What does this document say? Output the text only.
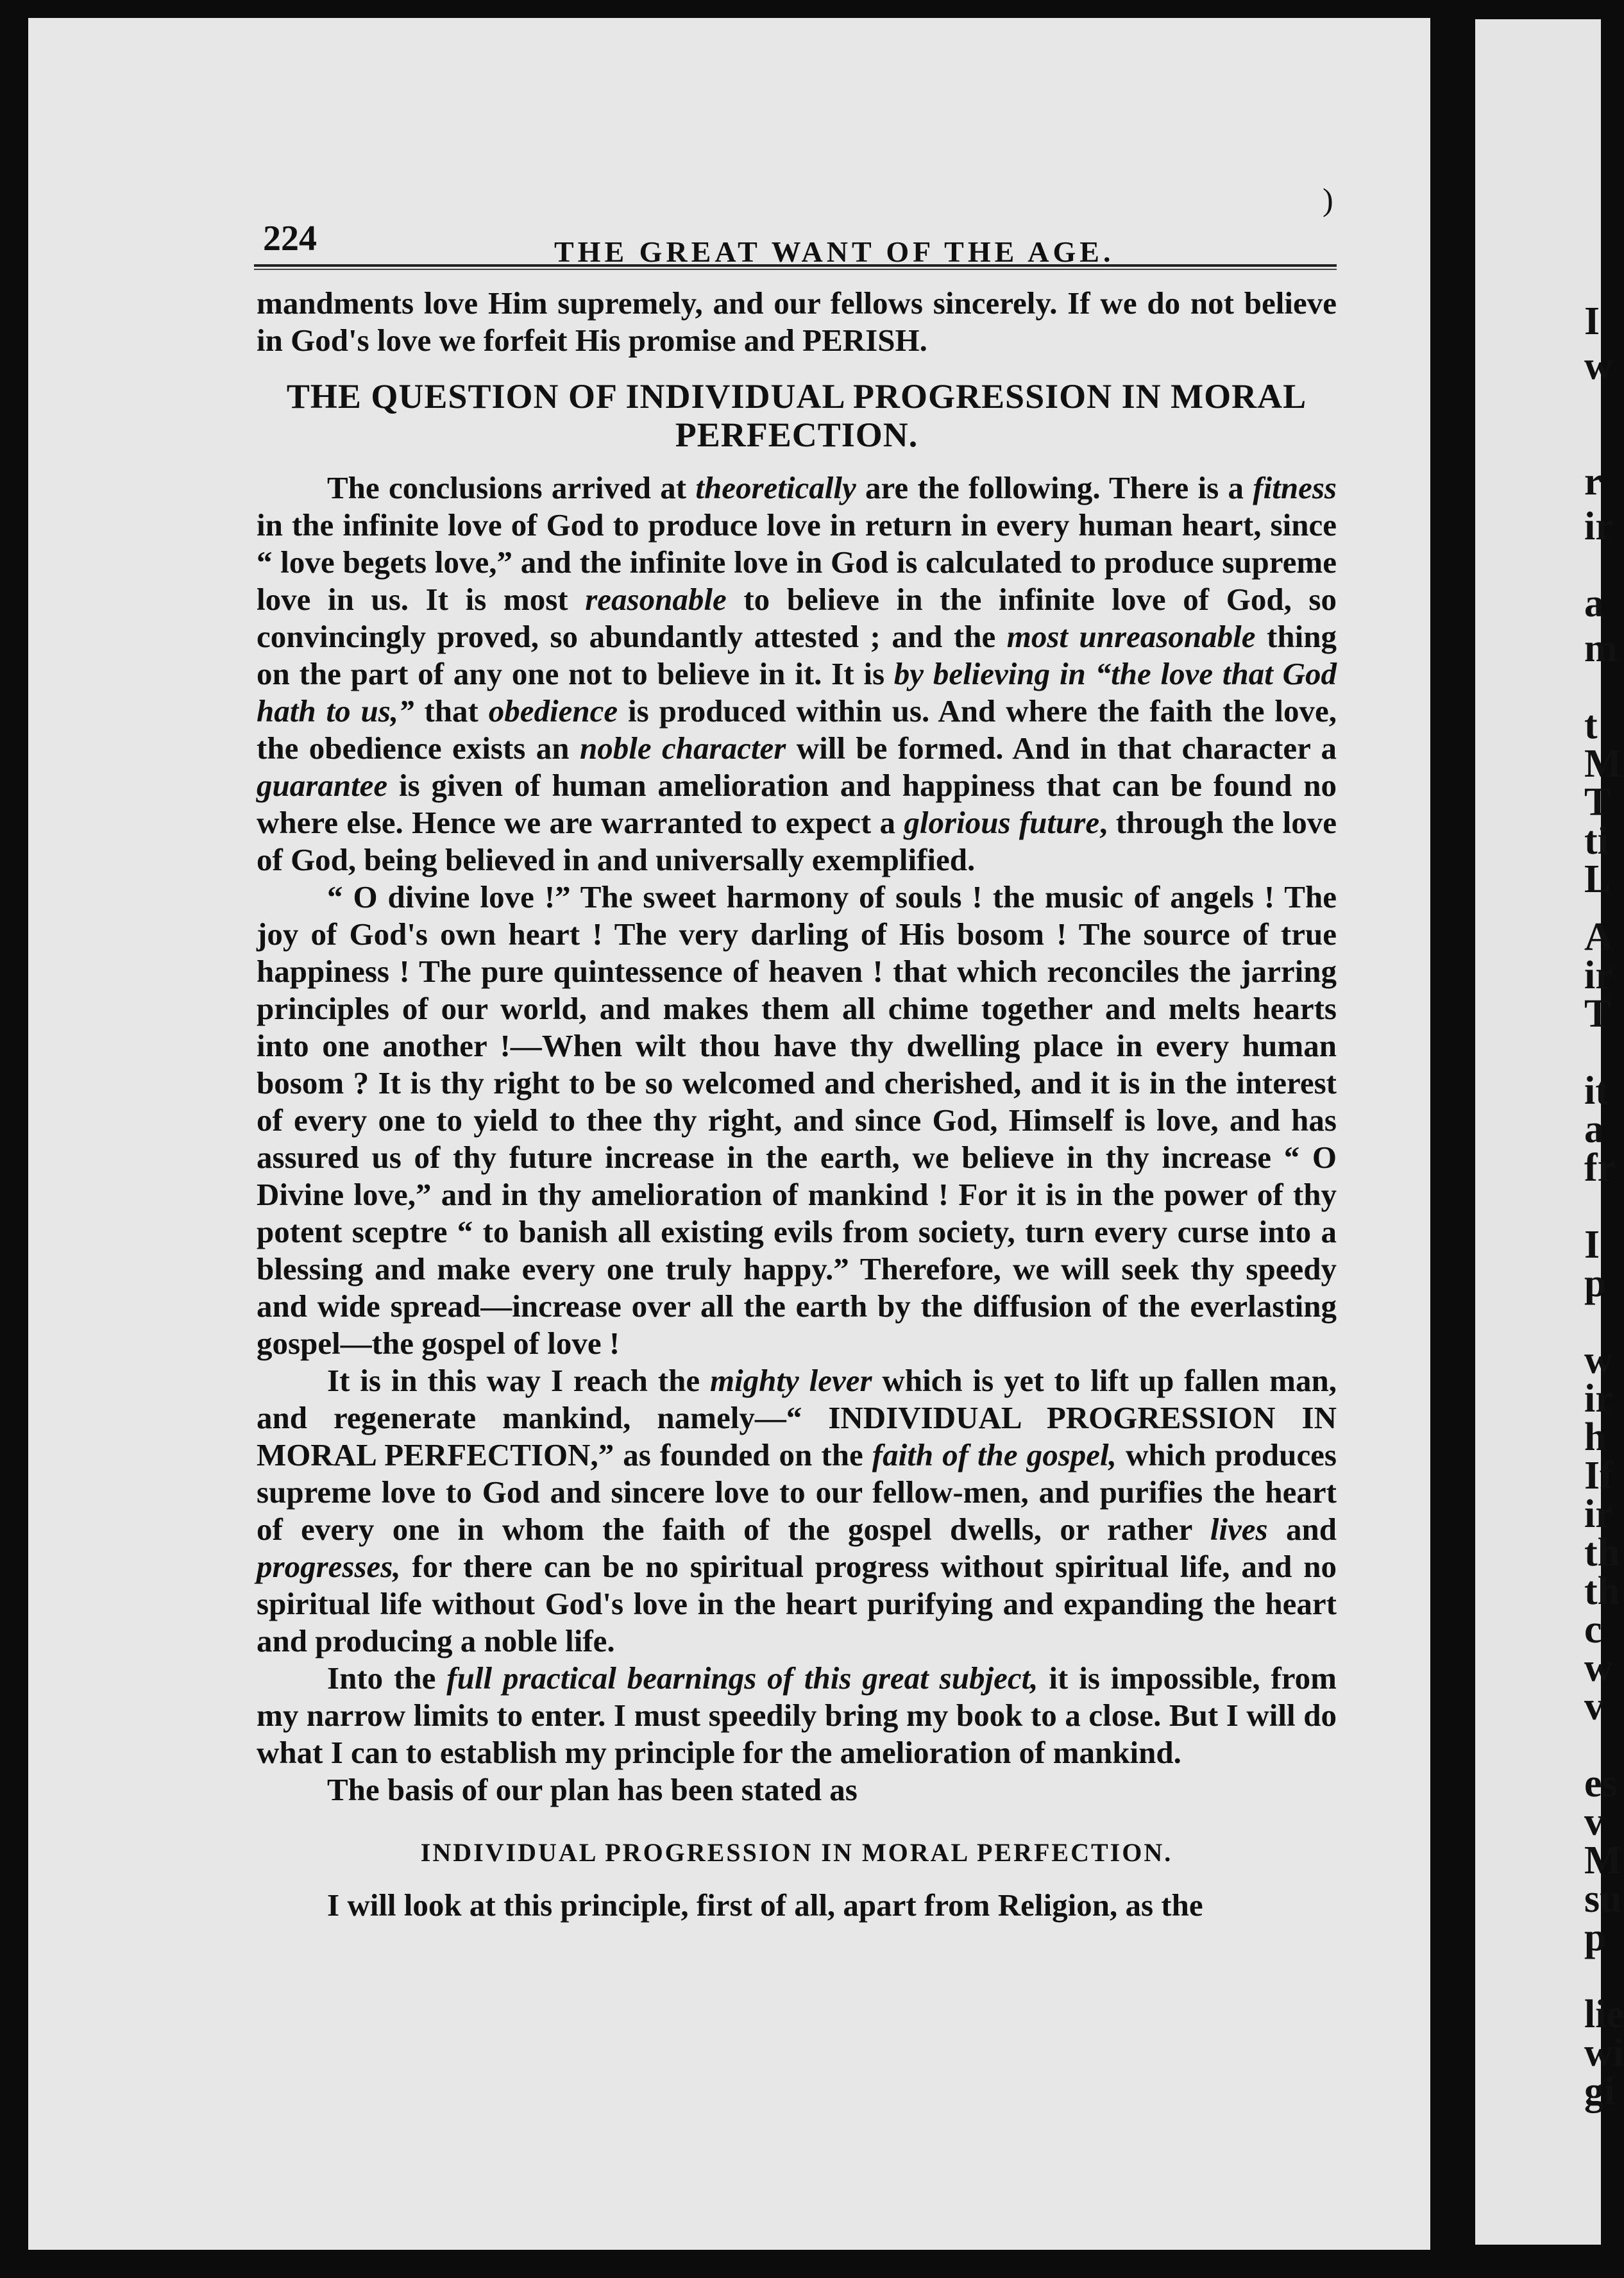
224	THE GREAT WANT OF THE AGE.
)

mandments love Him supremely, and our fellows sincerely. If we do not believe in God's love we forfeit His promise and PERISH.

THE QUESTION OF INDIVIDUAL PROGRESSION IN MORAL PERFECTION.

The conclusions arrived at theoretically are the following. There is a fitness in the infinite love of God to produce love in return in every human heart, since “ love begets love,” and the infinite love in God is calculated to produce supreme love in us. It is most reasonable to believe in the infinite love of God, so convincingly proved, so abundantly attested ; and the most unreasonable thing on the part of any one not to believe in it. It is by believing in “the love that God hath to us,” that obedience is produced within us. And where the faith the love, the obedience exists an noble character will be formed. And in that character a guarantee is given of human amelioration and happiness that can be found no where else. Hence we are warranted to expect a glorious future, through the love of God, being believed in and universally exemplified.

“ O divine love !” The sweet harmony of souls ! the music of angels ! The joy of God's own heart ! The very darling of His bosom ! The source of true happiness ! The pure quintessence of heaven ! that which reconciles the jarring principles of our world, and makes them all chime together and melts hearts into one another !—When wilt thou have thy dwelling place in every human bosom ? It is thy right to be so welcomed and cherished, and it is in the interest of every one to yield to thee thy right, and since God, Himself is love, and has assured us of thy future increase in the earth, we believe in thy increase “ O Divine love,” and in thy amelioration of mankind ! For it is in the power of thy potent sceptre “ to banish all existing evils from society, turn every curse into a blessing and make every one truly happy.” Therefore, we will seek thy speedy and wide spread—increase over all the earth by the diffusion of the everlasting gospel—the gospel of love !

It is in this way I reach the mighty lever which is yet to lift up fallen man, and regenerate mankind, namely—“ INDIVIDUAL PROGRESSION IN MORAL PERFECTION,” as founded on the faith of the gospel, which produces supreme love to God and sincere love to our fellow-men, and purifies the heart of every one in whom the faith of the gospel dwells, or rather lives and progresses, for there can be no spiritual progress without spiritual life, and no spiritual life without God's love in the heart purifying and expanding the heart and producing a noble life.

Into the full practical bearnings of this great subject, it is impossible, from my narrow limits to enter. I must speedily bring my book to a close. But I will do what I can to establish my principle for the amelioration of mankind.

The basis of our plan has been stated as

INDIVIDUAL PROGRESSION IN MORAL PERFECTION.

I will look at this principle, first of all, apart from Religion, as the

I
w
r
ir
a
m
t
M
T
ti
L
A
ir
T
it
a
fr
I
p
w
ir
h
If
ir
th
th
c
w
v
es
v
M
su
p
lie
wi
gi
